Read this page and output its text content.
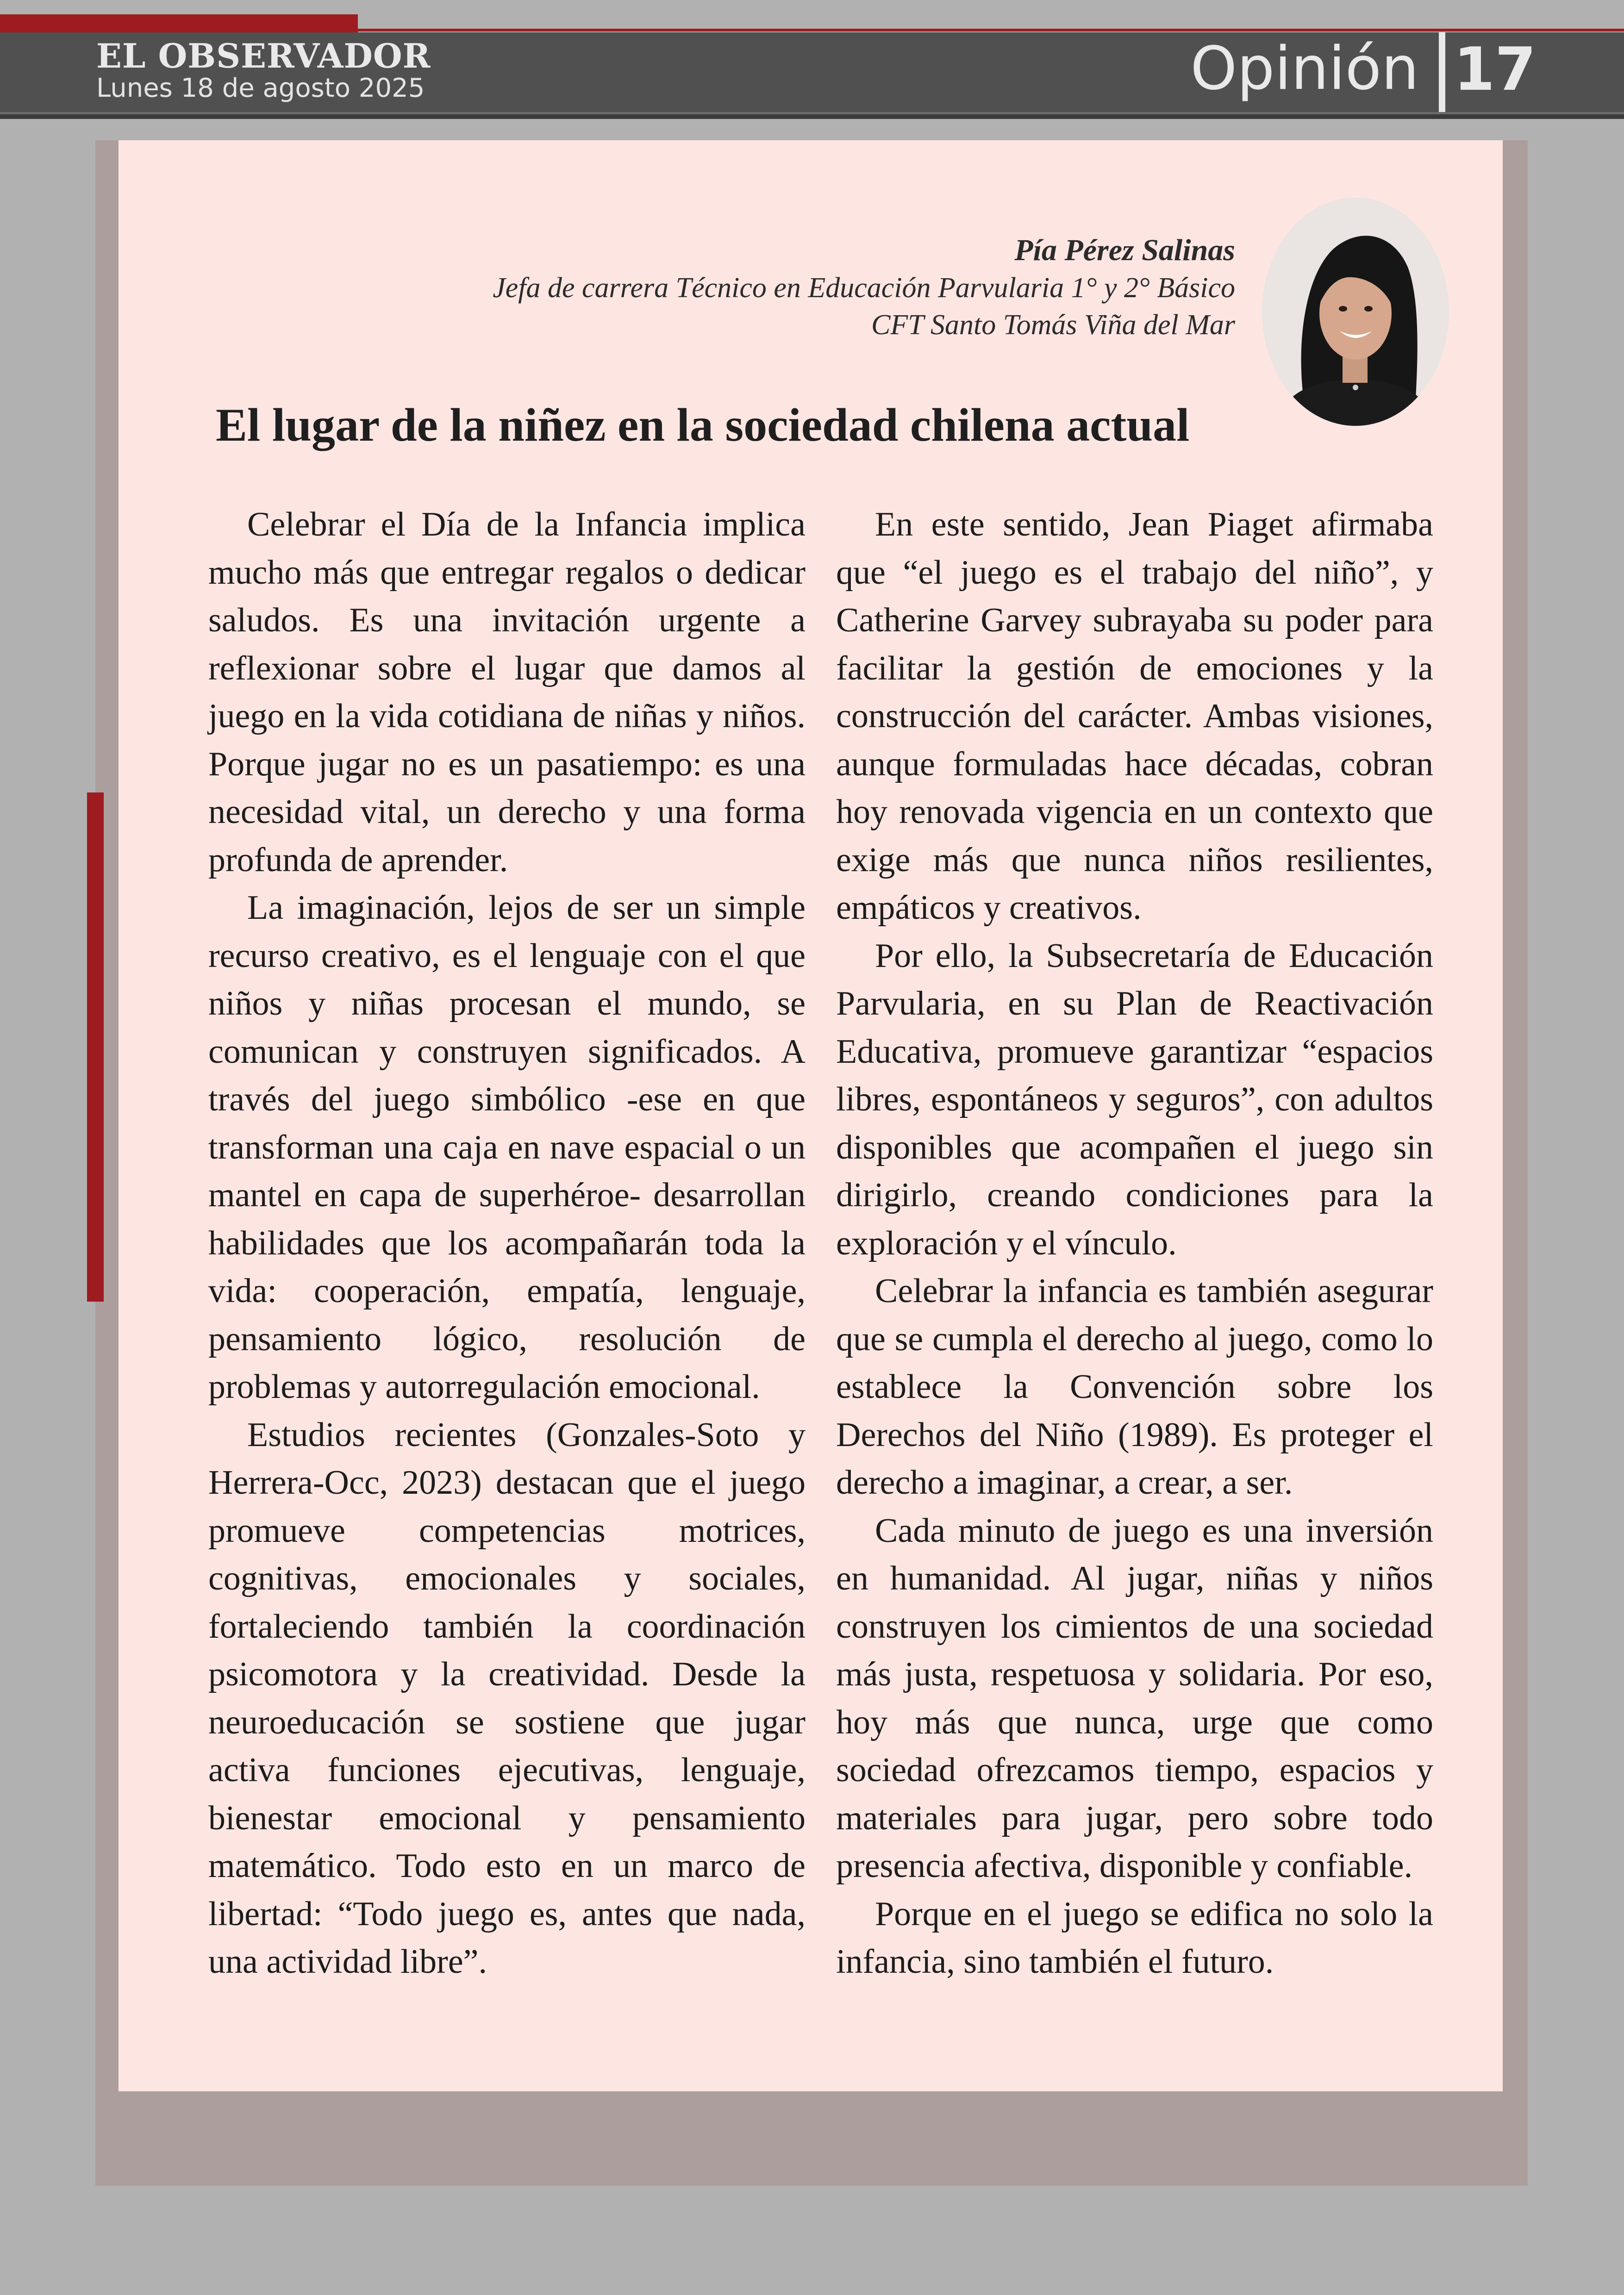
EL OBSERVADOR
Lunes 18 de agosto 2025	Opinión 17
Pía Pérez Salinas
Jefa de carrera Técnico en Educación Parvularia 1° y 2° Básico
CFT Santo Tomás Viña del Mar
El lugar de la niñez en la sociedad chilena actual

Celebrar el Día de la Infancia implica mucho más que entregar regalos o dedicar saludos. Es una invitación urgente a reflexionar sobre el lugar que damos al juego en la vida cotidiana de niñas y niños. Porque jugar no es un pasatiempo: es una necesidad vital, un derecho y una forma profunda de aprender.

La imaginación, lejos de ser un simple recurso creativo, es el lenguaje con el que niños y niñas procesan el mundo, se comunican y construyen significados. A través del juego simbólico -ese en que transforman una caja en nave espacial o un mantel en capa de superhéroe- desarrollan habilidades que los acompañarán toda la vida: cooperación, empatía, lenguaje, pensamiento lógico, resolución de problemas y autorregulación emocional.

Estudios recientes (Gonzales-Soto y Herrera-Occ, 2023) destacan que el juego promueve competencias motrices, cognitivas, emocionales y sociales, fortaleciendo también la coordinación psicomotora y la creatividad. Desde la neuroeducación se sostiene que jugar activa funciones ejecutivas, lenguaje, bienestar emocional y pensamiento matemático. Todo esto en un marco de libertad: “Todo juego es, antes que nada, una actividad libre”.

En este sentido, Jean Piaget afirmaba que “el juego es el trabajo del niño”, y Catherine Garvey subrayaba su poder para facilitar la gestión de emociones y la construcción del carácter. Ambas visiones, aunque formuladas hace décadas, cobran hoy renovada vigencia en un contexto que exige más que nunca niños resilientes, empáticos y creativos.

Por ello, la Subsecretaría de Educación Parvularia, en su Plan de Reactivación Educativa, promueve garantizar “espacios libres, espontáneos y seguros”, con adultos disponibles que acompañen el juego sin dirigirlo, creando condiciones para la exploración y el vínculo.

Celebrar la infancia es también asegurar que se cumpla el derecho al juego, como lo establece la Convención sobre los Derechos del Niño (1989). Es proteger el derecho a imaginar, a crear, a ser.

Cada minuto de juego es una inversión en humanidad. Al jugar, niñas y niños construyen los cimientos de una sociedad más justa, respetuosa y solidaria. Por eso, hoy más que nunca, urge que como sociedad ofrezcamos tiempo, espacios y materiales para jugar, pero sobre todo presencia afectiva, disponible y confiable.

Porque en el juego se edifica no solo la infancia, sino también el futuro.
